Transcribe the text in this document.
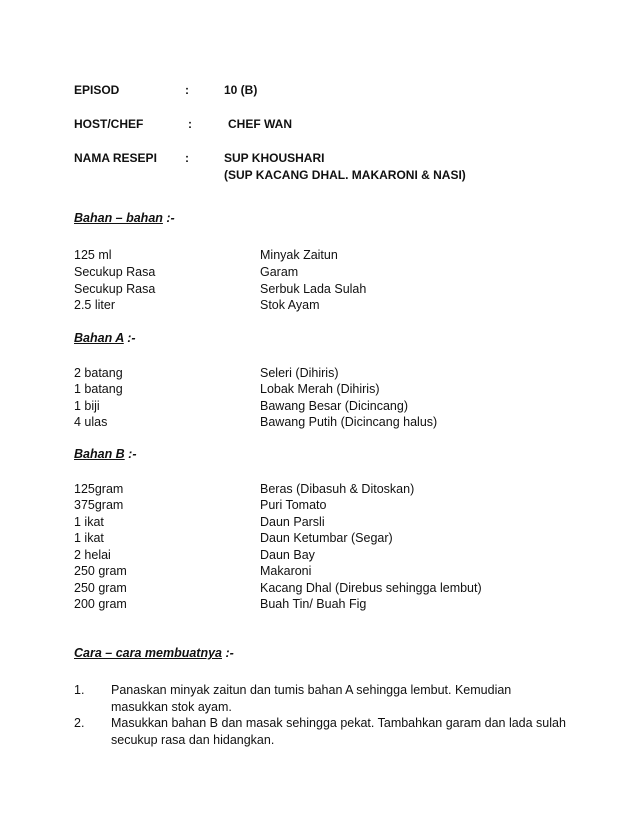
EPISOD	:	10 (B)
HOST/CHEF	:	CHEF WAN
NAMA RESEPI :	SUP KHOUSHARI
(SUP KACANG DHAL. MAKARONI & NASI)
Bahan – bahan :-
125 ml	Minyak Zaitun
Secukup Rasa	Garam
Secukup Rasa	Serbuk Lada Sulah
2.5 liter	Stok Ayam
Bahan A :-
2 batang	Seleri (Dihiris)
1 batang	Lobak Merah (Dihiris)
1 biji	Bawang Besar (Dicincang)
4 ulas	Bawang Putih (Dicincang halus)
Bahan B :-
125gram	Beras (Dibasuh & Ditoskan)
375gram	Puri Tomato
1 ikat	Daun Parsli
1 ikat	Daun Ketumbar (Segar)
2 helai	Daun Bay
250 gram	Makaroni
250 gram	Kacang Dhal (Direbus sehingga lembut)
200 gram	Buah Tin/ Buah Fig
Cara – cara membuatnya :-
1. Panaskan minyak zaitun dan tumis bahan A sehingga lembut. Kemudian
masukkan stok ayam.
2. Masukkan bahan B dan masak sehingga pekat. Tambahkan garam dan lada sulah
secukup rasa dan hidangkan.
